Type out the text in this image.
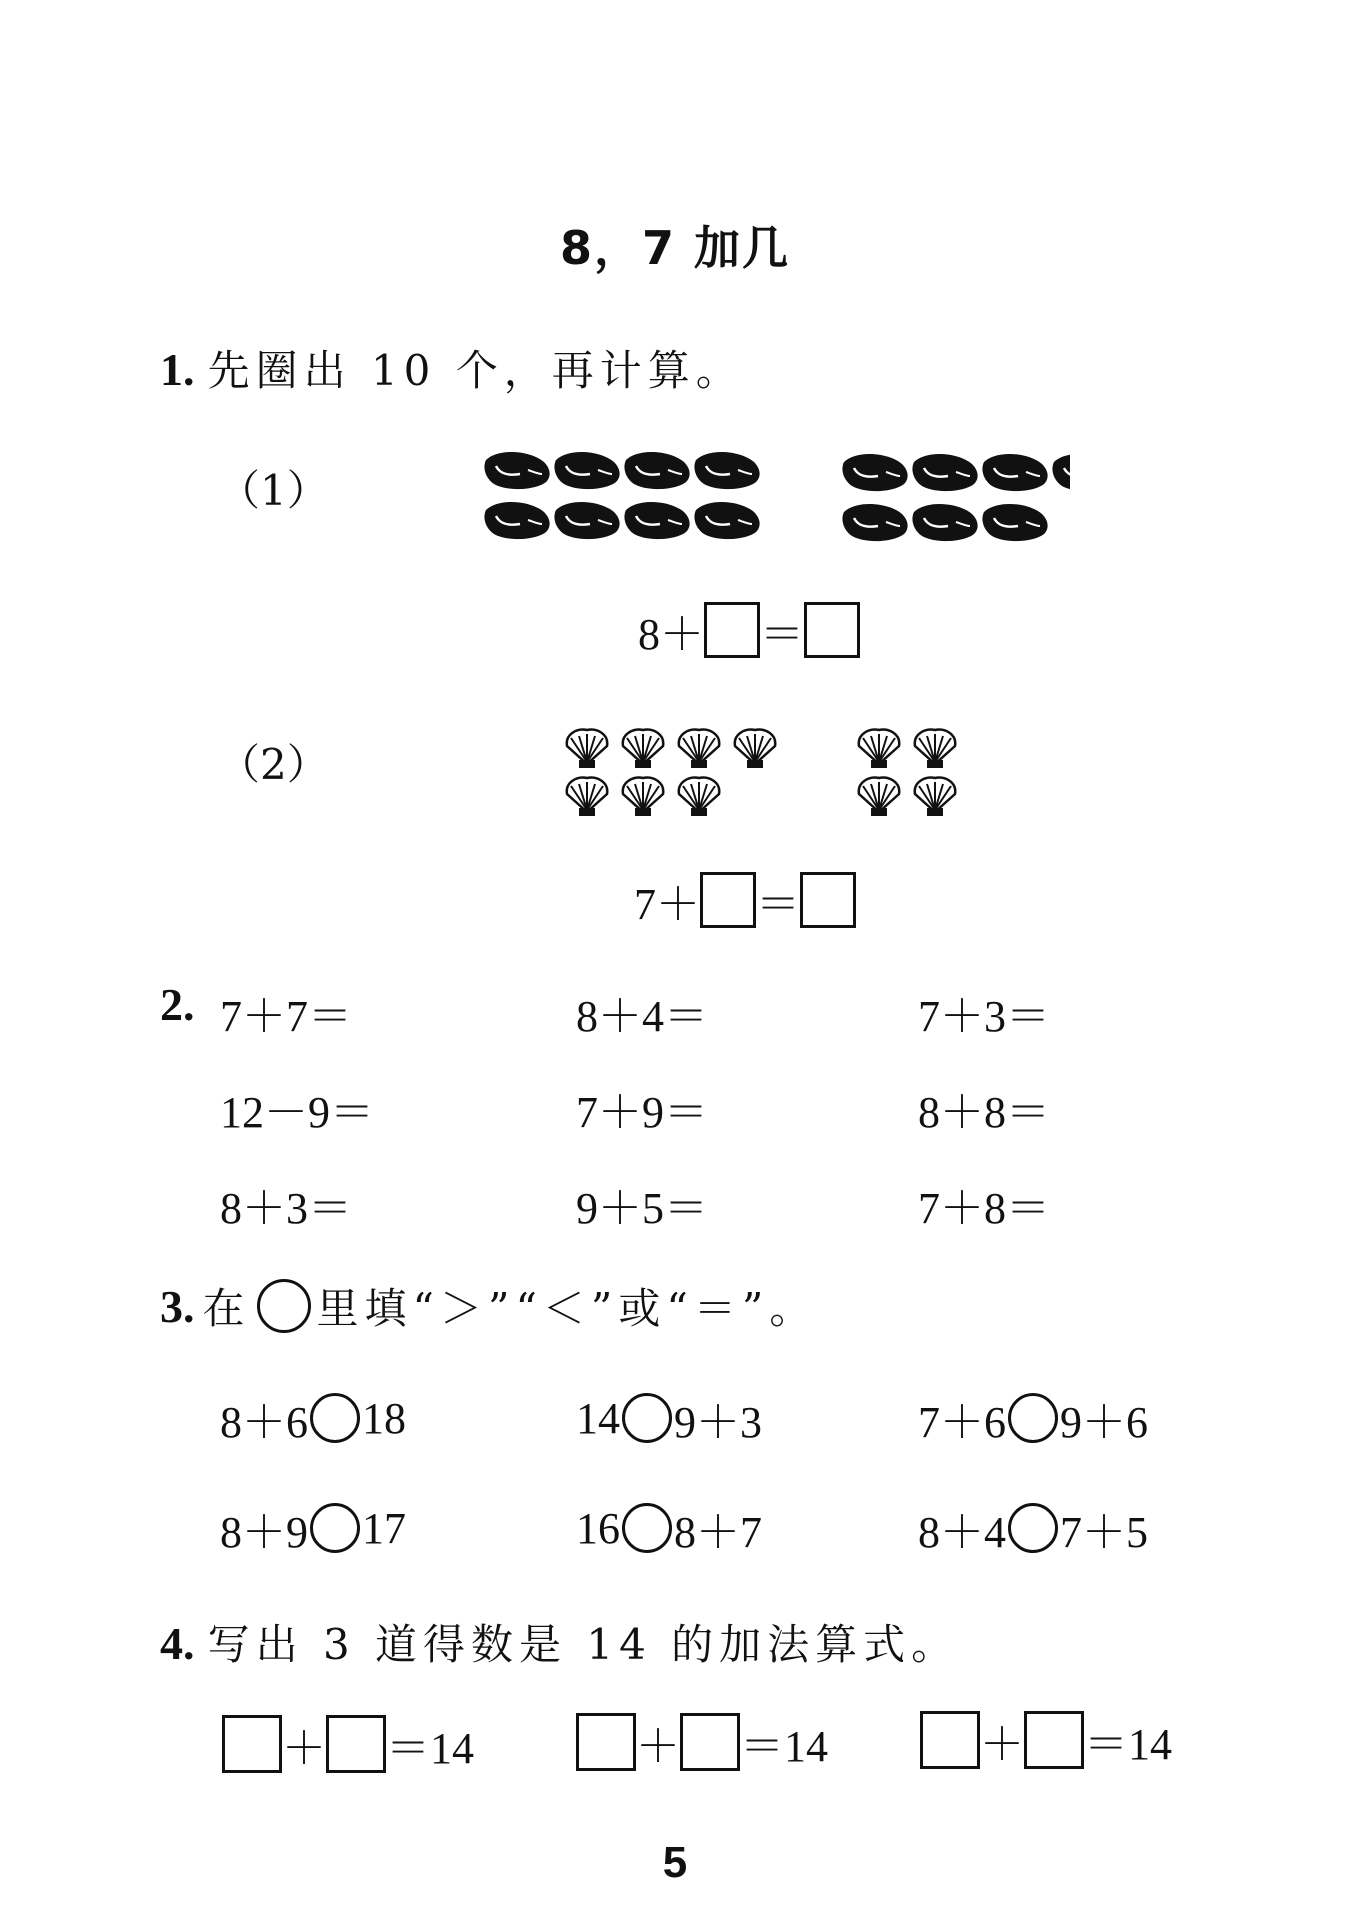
8，7 加几
1. 先圈出 10 个，再计算。
（1）
8＋ ＝
（2）
7＋ ＝
2. 7＋7＝	8＋4＝	7＋3＝
12－9＝	7＋9＝	8＋8＝
8＋3＝	9＋5＝	7＋8＝
3. 在 里填“＞”“＜”或“＝”。
8＋6 18	14 9＋3	7＋6 9＋6
8＋9 17	16 8＋7	8＋4 7＋5
4. 写出 3 道得数是 14 的加法算式。
＋ ＝14	＋ ＝14	＋ ＝14
5
